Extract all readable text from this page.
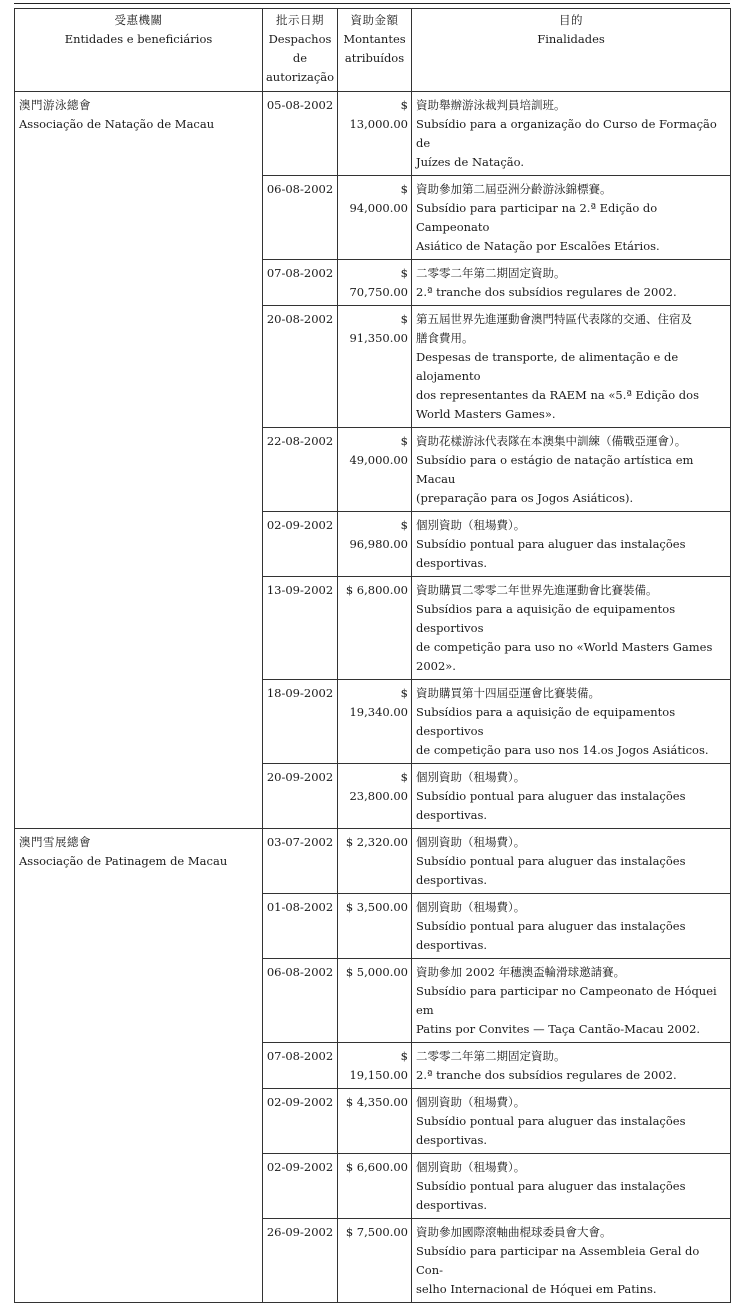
受惠機關
Entidades e beneficiários	批示日期
Despachos de
autorização	資助金額
Montantes
atribuídos	目的
Finalidades

澳門游泳總會
Associação de Natação de Macau	05-08-2002	$ 13,000.00	資助舉辦游泳裁判員培訓班。
Subsídio para a organização do Curso de Formação de
Juízes de Natação.

	06-08-2002	$ 94,000.00	資助參加第二屆亞洲分齡游泳錦標賽。
Subsídio para participar na 2.ª Edição do Campeonato
Asiático de Natação por Escalões Etários.

	07-08-2002	$ 70,750.00	二零零二年第二期固定資助。
2.ª tranche dos subsídios regulares de 2002.

	20-08-2002	$ 91,350.00	第五屆世界先進運動會澳門特區代表隊的交通、住宿及
膳食費用。
Despesas de transporte, de alimentação e de alojamento
dos representantes da RAEM na «5.ª Edição dos
World Masters Games».

	22-08-2002	$ 49,000.00	資助花樣游泳代表隊在本澳集中訓練（備戰亞運會）。
Subsídio para o estágio de natação artística em Macau
(preparação para os Jogos Asiáticos).

	02-09-2002	$ 96,980.00	個別資助（租場費）。
Subsídio pontual para aluguer das instalações desportivas.

	13-09-2002	$ 6,800.00	資助購買二零零二年世界先進運動會比賽裝備。
Subsídios para a aquisição de equipamentos desportivos
de competição para uso no «World Masters Games
2002».

	18-09-2002	$ 19,340.00	資助購買第十四屆亞運會比賽裝備。
Subsídios para a aquisição de equipamentos desportivos
de competição para uso nos 14.os Jogos Asiáticos.

	20-09-2002	$ 23,800.00	個別資助（租場費）。
Subsídio pontual para aluguer das instalações desportivas.

澳門雪展總會
Associação de Patinagem de Macau	03-07-2002	$ 2,320.00	個別資助（租場費）。
Subsídio pontual para aluguer das instalações desportivas.

	01-08-2002	$ 3,500.00	個別資助（租場費）。
Subsídio pontual para aluguer das instalações desportivas.

	06-08-2002	$ 5,000.00	資助參加 2002 年穗澳盃輪滑球邀請賽。
Subsídio para participar no Campeonato de Hóquei em
Patins por Convites — Taça Cantão-Macau 2002.

	07-08-2002	$ 19,150.00	二零零二年第二期固定資助。
2.ª tranche dos subsídios regulares de 2002.

	02-09-2002	$ 4,350.00	個別資助（租場費）。
Subsídio pontual para aluguer das instalações desportivas.

	02-09-2002	$ 6,600.00	個別資助（租場費）。
Subsídio pontual para aluguer das instalações desportivas.

	26-09-2002	$ 7,500.00	資助參加國際滾軸曲棍球委員會大會。
Subsídio para participar na Assembleia Geral do Con-
selho Internacional de Hóquei em Patins.
